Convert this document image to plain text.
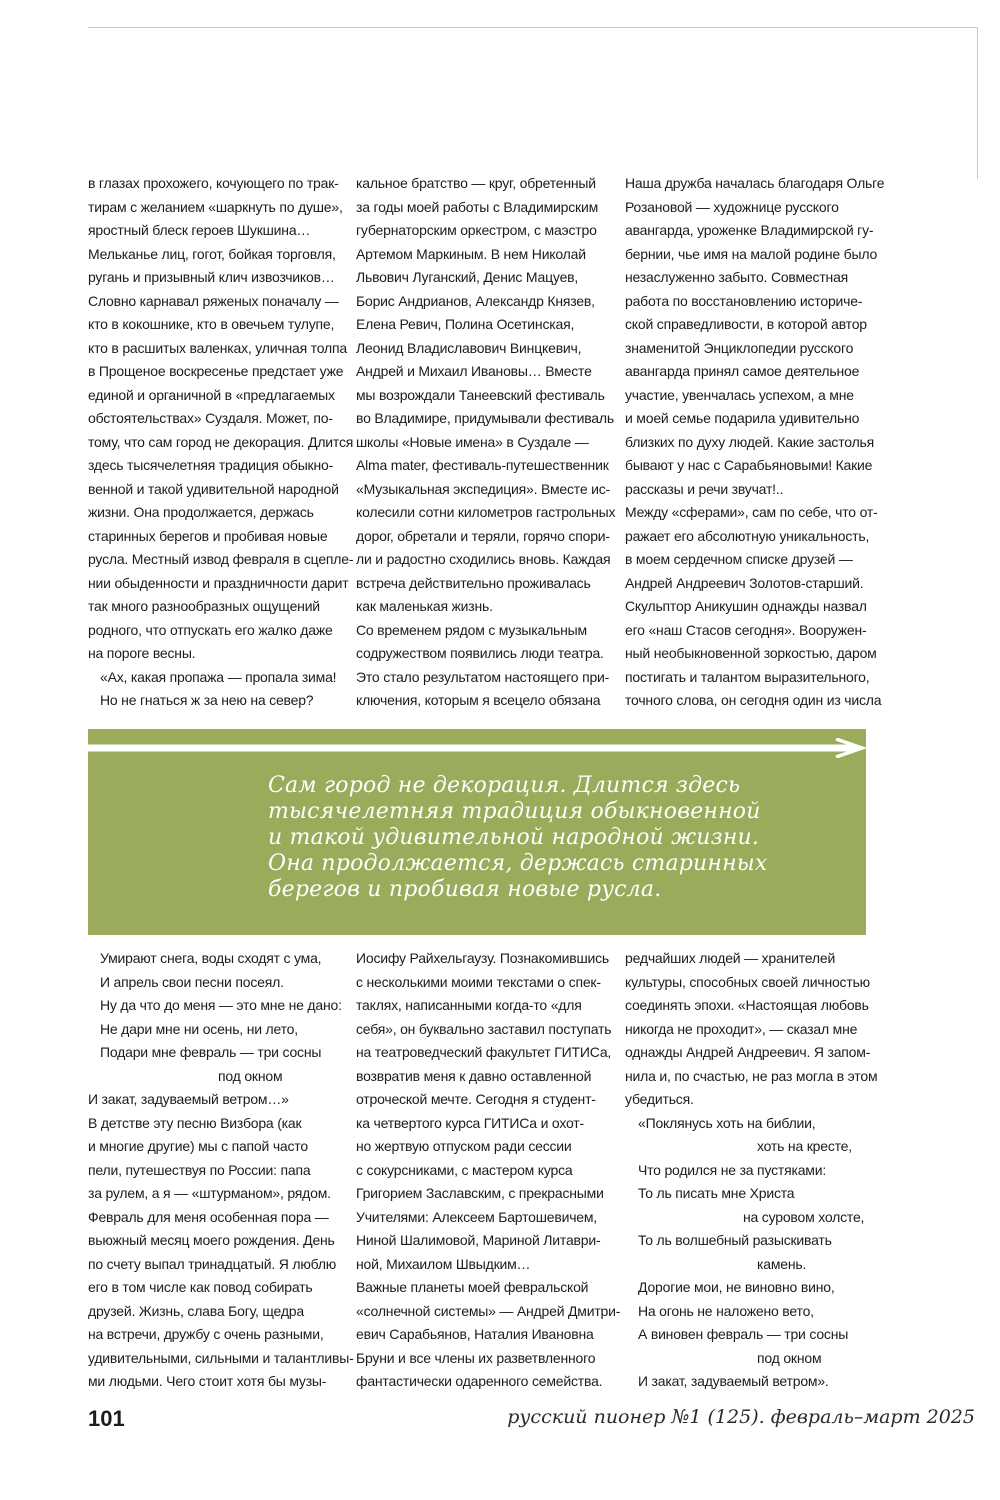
в глазах прохожего, кочующего по трак-
тирам с желанием «шаркнуть по душе»,
яростный блеск героев Шукшина…
Мельканье лиц, гогот, бойкая торговля,
ругань и призывный клич извозчиков…
Словно карнавал ряженых поначалу —
кто в кокошнике, кто в овечьем тулупе,
кто в расшитых валенках, уличная толпа
в Прощеное воскресенье предстает уже
единой и органичной в «предлагаемых
обстоятельствах» Суздаля. Может, по-
тому, что сам город не декорация. Длится
здесь тысячелетняя традиция обыкно-
венной и такой удивительной народной
жизни. Она продолжается, держась
старинных берегов и пробивая новые
русла. Местный извод февраля в сцепле-
нии обыденности и праздничности дарит
так много разнообразных ощущений
родного, что отпускать его жалко даже
на пороге весны.
«Ах, какая пропажа — пропала зима!
Но не гнаться ж за нею на север?
кальное братство — круг, обретенный
за годы моей работы с Владимирским
губернаторским оркестром, с маэстро
Артемом Маркиным. В нем Николай
Львович Луганский, Денис Мацуев,
Борис Андрианов, Александр Князев,
Елена Ревич, Полина Осетинская,
Леонид Владиславович Винцкевич,
Андрей и Михаил Ивановы… Вместе
мы возрождали Танеевский фестиваль
во Владимире, придумывали фестиваль
школы «Новые имена» в Суздале —
Alma mater, фестиваль-путешественник
«Музыкальная экспедиция». Вместе ис-
колесили сотни километров гастрольных
дорог, обретали и теряли, горячо спори-
ли и радостно сходились вновь. Каждая
встреча действительно проживалась
как маленькая жизнь.
Со временем рядом с музыкальным
содружеством появились люди театра.
Это стало результатом настоящего при-
ключения, которым я всецело обязана
Наша дружба началась благодаря Ольге
Розановой — художнице русского
авангарда, уроженке Владимирской гу-
бернии, чье имя на малой родине было
незаслуженно забыто. Совместная
работа по восстановлению историче-
ской справедливости, в которой автор
знаменитой Энциклопедии русского
авангарда принял самое деятельное
участие, увенчалась успехом, а мне
и моей семье подарила удивительно
близких по духу людей. Какие застолья
бывают у нас с Сарабьяновыми! Какие
рассказы и речи звучат!..
Между «сферами», сам по себе, что от-
ражает его абсолютную уникальность,
в моем сердечном списке друзей —
Андрей Андреевич Золотов-старший.
Скульптор Аникушин однажды назвал
его «наш Стасов сегодня». Вооружен-
ный необыкновенной зоркостью, даром
постигать и талантом выразительного,
точного слова, он сегодня один из числа
Сам город не декорация. Длится здесь
тысячелетняя традиция обыкновенной
и такой удивительной народной жизни.
Она продолжается, держась старинных
берегов и пробивая новые русла.
Умирают снега, воды сходят с ума,
И апрель свои песни посеял.
Ну да что до меня — это мне не дано:
Не дари мне ни осень, ни лето,
Подари мне февраль — три сосны
под окном
И закат, задуваемый ветром…»
В детстве эту песню Визбора (как
и многие другие) мы с папой часто
пели, путешествуя по России: папа
за рулем, а я — «штурманом», рядом.
Февраль для меня особенная пора —
вьюжный месяц моего рождения. День
по счету выпал тринадцатый. Я люблю
его в том числе как повод собирать
друзей. Жизнь, слава Богу, щедра
на встречи, дружбу с очень разными,
удивительными, сильными и талантливы-
ми людьми. Чего стоит хотя бы музы-
Иосифу Райхельгаузу. Познакомившись
с несколькими моими текстами о спек-
таклях, написанными когда-то «для
себя», он буквально заставил поступать
на театроведческий факультет ГИТИСа,
возвратив меня к давно оставленной
отроческой мечте. Сегодня я студент-
ка четвертого курса ГИТИСа и охот-
но жертвую отпуском ради сессии
с сокурсниками, с мастером курса
Григорием Заславским, с прекрасными
Учителями: Алексеем Бартошевичем,
Ниной Шалимовой, Мариной Литаври-
ной, Михаилом Швыдким…
Важные планеты моей февральской
«солнечной системы» — Андрей Дмитри-
евич Сарабьянов, Наталия Ивановна
Бруни и все члены их разветвленного
фантастически одаренного семейства.
редчайших людей — хранителей
культуры, способных своей личностью
соединять эпохи. «Настоящая любовь
никогда не проходит», — сказал мне
однажды Андрей Андреевич. Я запом-
нила и, по счастью, не раз могла в этом
убедиться.
«Поклянусь хоть на библии,
хоть на кресте,
Что родился не за пустяками:
То ль писать мне Христа
на суровом холсте,
То ль волшебный разыскивать
камень.
Дорогие мои, не виновно вино,
На огонь не наложено вето,
А виновен февраль — три сосны
под окном
И закат, задуваемый ветром».
101	русский пионер №1 (125). февраль–март 2025
